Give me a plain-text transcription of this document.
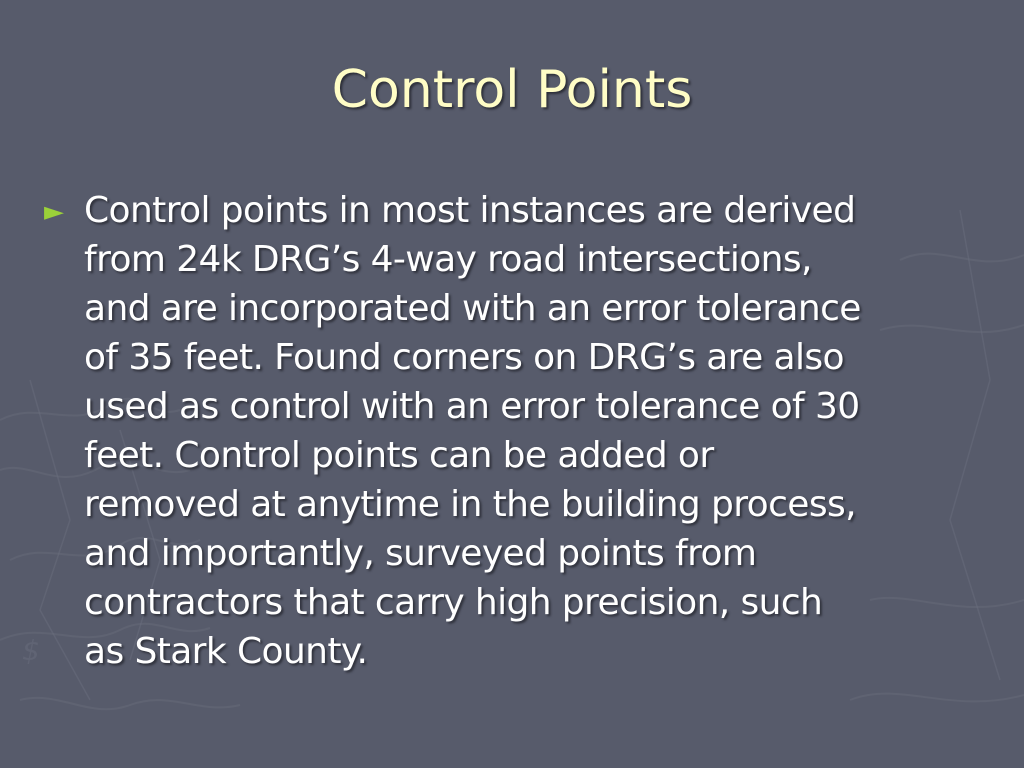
$
Control Points
► Control points in most instances are derived
from 24k DRG’s 4-way road intersections,
and are incorporated with an error tolerance
of 35 feet. Found corners on DRG’s are also
used as control with an error tolerance of 30
feet. Control points can be added or
removed at anytime in the building process,
and importantly, surveyed points from
contractors that carry high precision, such
as Stark County.
